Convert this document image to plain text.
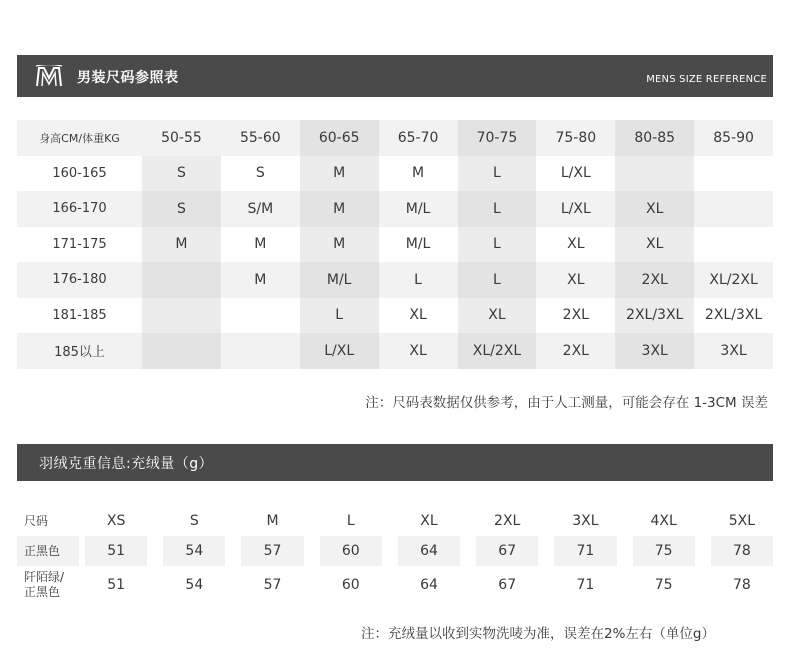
男装尺码参照表	MENS SIZE REFERENCE
身高CM/体重KG	50-55	55-60	60-65	65-70	70-75	75-80	80-85	85-90
160-165	S	S	M	M	L	L/XL		
166-170	S	S/M	M	M/L	L	L/XL	XL	
171-175	M	M	M	M/L	L	XL	XL	
176-180		M	M/L	L	L	XL	2XL	XL/2XL
181-185			L	XL	XL	2XL	2XL/3XL	2XL/3XL
185以上			L/XL	XL	XL/2XL	2XL	3XL	3XL
注：尺码表数据仅供参考，由于人工测量，可能会存在 1-3CM 误差
羽绒克重信息:充绒量（g）
尺码		XS		S		M		L		XL		2XL		3XL		4XL		5XL
正黑色		51		54		57		60		64		67		71		75		78
阡陌绿/
正黑色		51		54		57		60		64		67		71		75		78
注：充绒量以收到实物洗唛为准，误差在2%左右（单位g）
